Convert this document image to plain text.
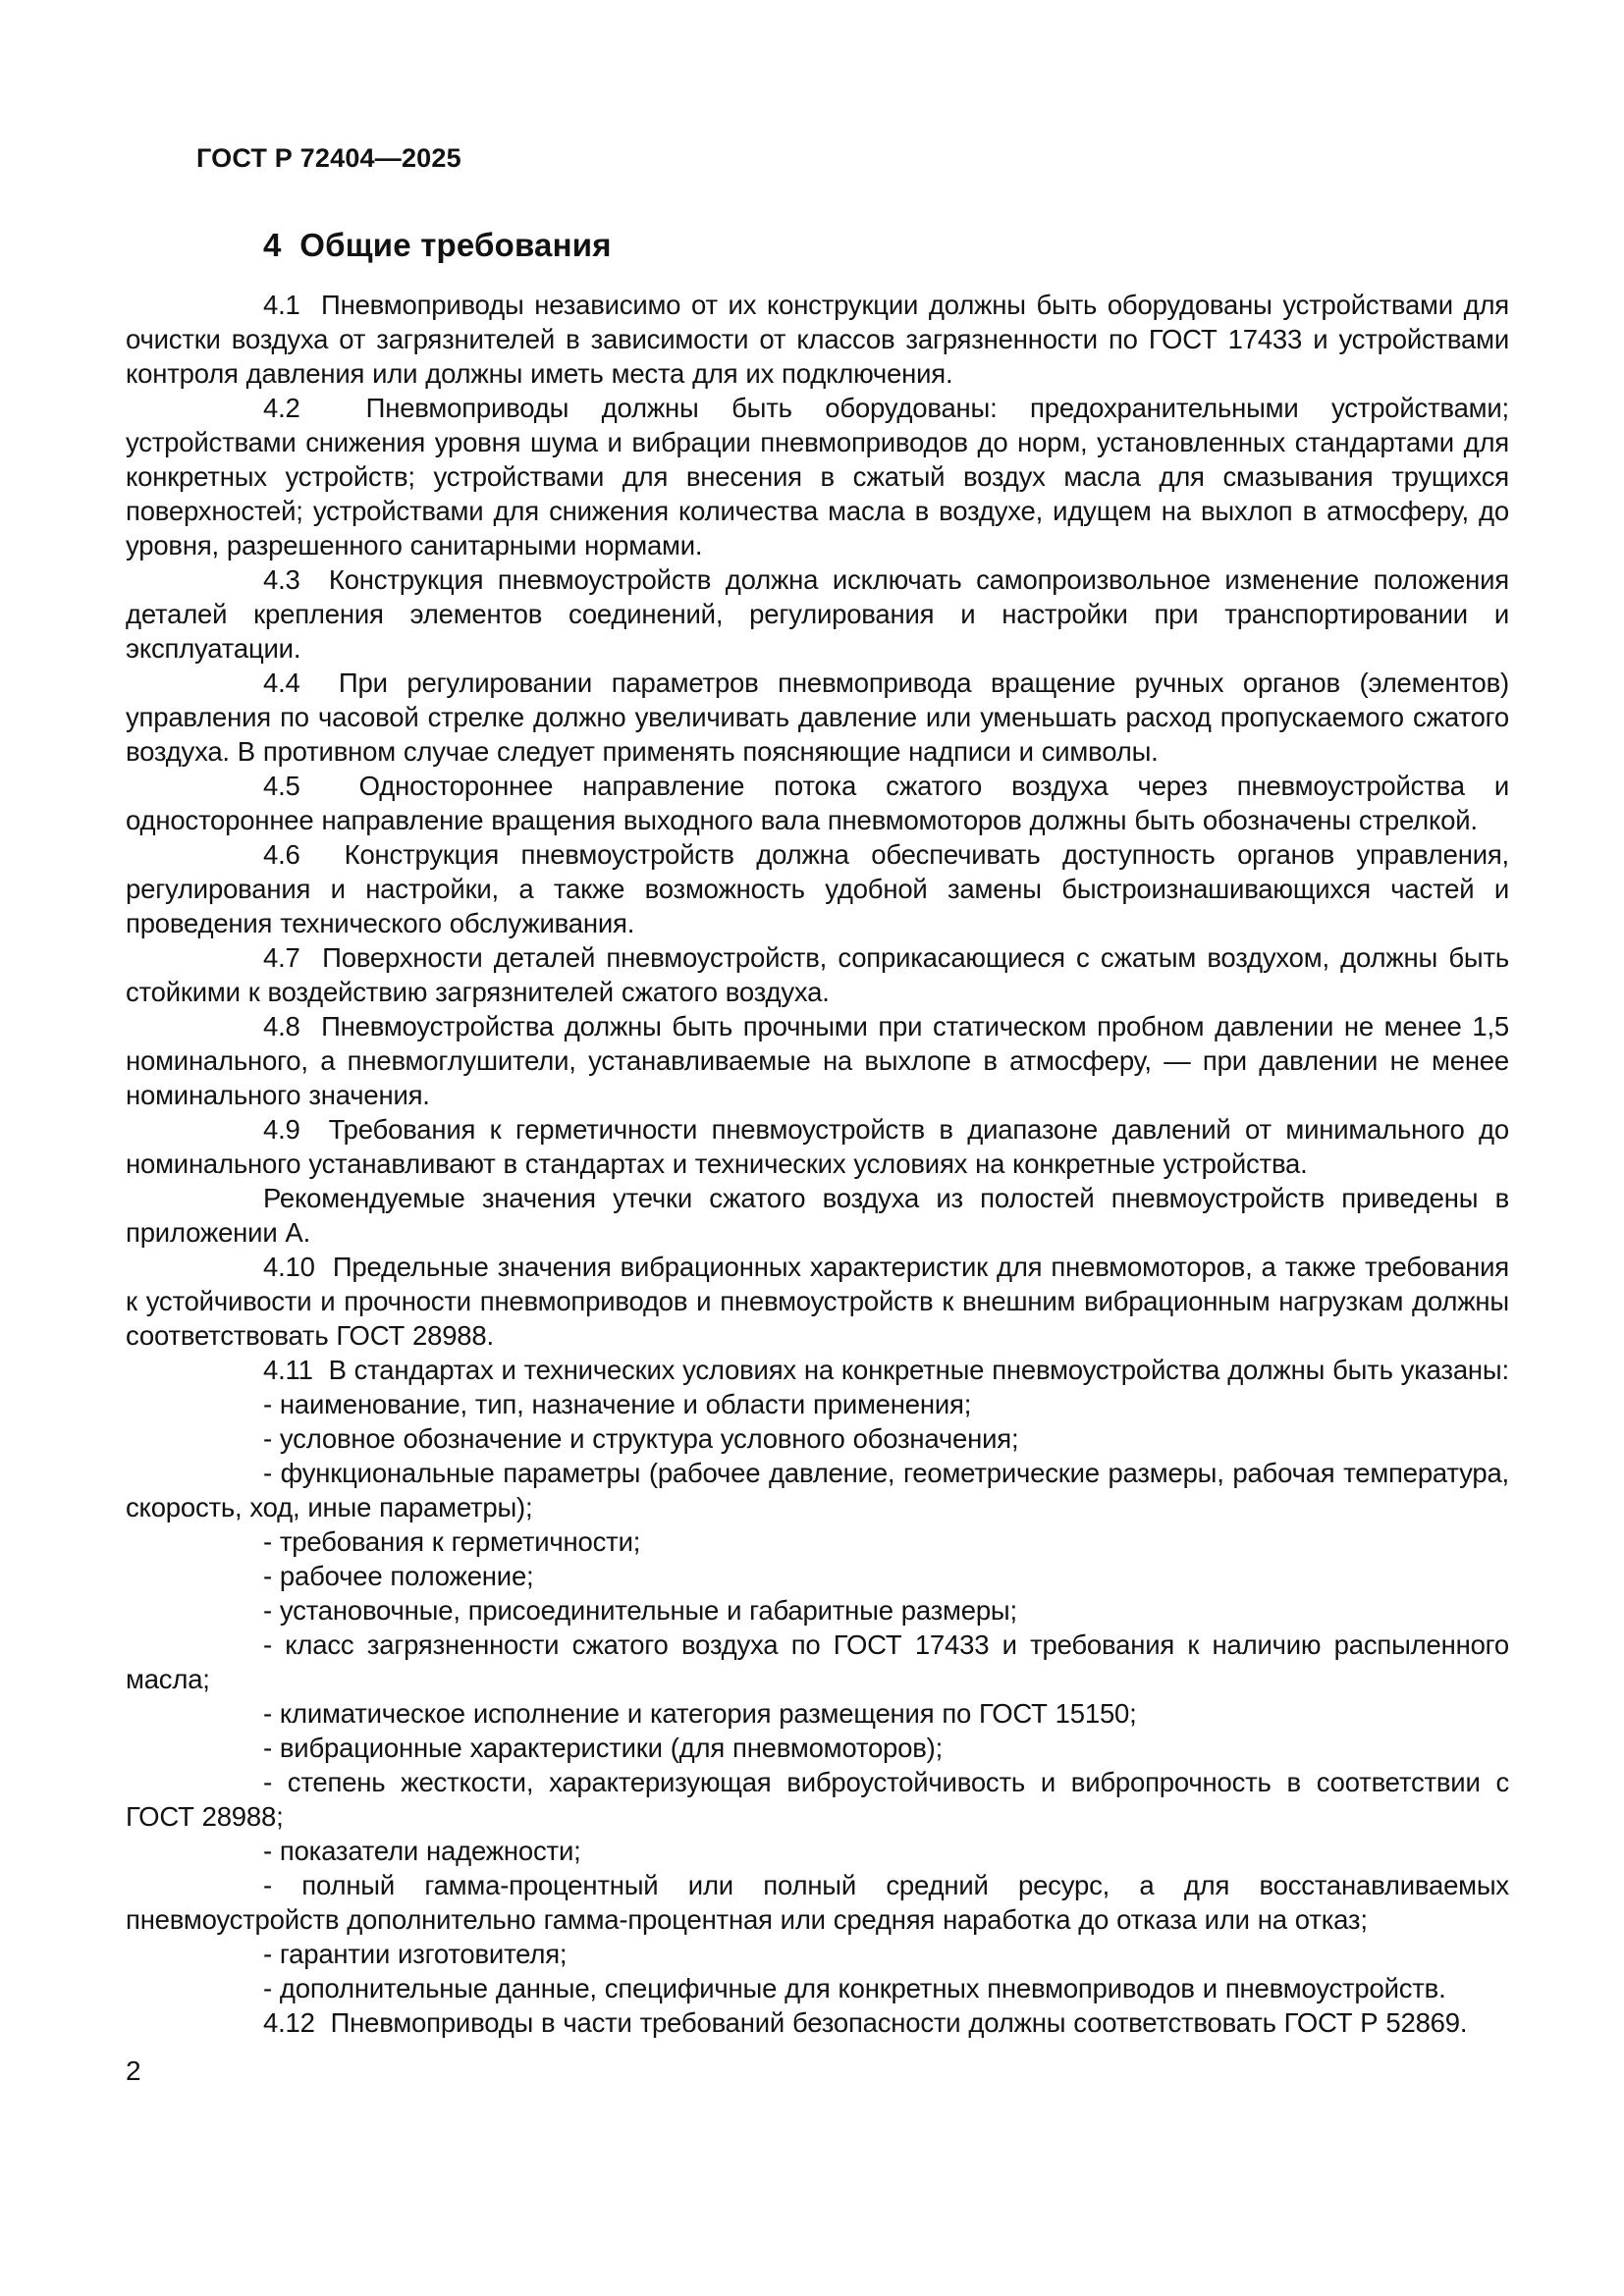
ГОСТ Р 72404—2025
4  Общие требования

4.1  Пневмоприводы независимо от их конструкции должны быть оборудованы устройствами для очистки воздуха от загрязнителей в зависимости от классов загрязненности по ГОСТ 17433 и устройствами контроля давления или должны иметь места для их подключения.

4.2  Пневмоприводы должны быть оборудованы: предохранительными устройствами; устройствами снижения уровня шума и вибрации пневмоприводов до норм, установленных стандартами для конкретных устройств; устройствами для внесения в сжатый воздух масла для смазывания трущихся поверхностей; устройствами для снижения количества масла в воздухе, идущем на выхлоп в атмосферу, до уровня, разрешенного санитарными нормами.

4.3  Конструкция пневмоустройств должна исключать самопроизвольное изменение положения деталей крепления элементов соединений, регулирования и настройки при транспортировании и эксплуатации.

4.4  При регулировании параметров пневмопривода вращение ручных органов (элементов) управления по часовой стрелке должно увеличивать давление или уменьшать расход пропускаемого сжатого воздуха. В противном случае следует применять поясняющие надписи и символы.

4.5  Одностороннее направление потока сжатого воздуха через пневмоустройства и одностороннее направление вращения выходного вала пневмомоторов должны быть обозначены стрелкой.

4.6  Конструкция пневмоустройств должна обеспечивать доступность органов управления, регулирования и настройки, а также возможность удобной замены быстроизнашивающихся частей и проведения технического обслуживания.

4.7  Поверхности деталей пневмоустройств, соприкасающиеся с сжатым воздухом, должны быть стойкими к воздействию загрязнителей сжатого воздуха.

4.8  Пневмоустройства должны быть прочными при статическом пробном давлении не менее 1,5 номинального, а пневмоглушители, устанавливаемые на выхлопе в атмосферу, — при давлении не менее номинального значения.

4.9  Требования к герметичности пневмоустройств в диапазоне давлений от минимального до номинального устанавливают в стандартах и технических условиях на конкретные устройства.

Рекомендуемые значения утечки сжатого воздуха из полостей пневмоустройств приведены в приложении А.

4.10  Предельные значения вибрационных характеристик для пневмомоторов, а также требования к устойчивости и прочности пневмоприводов и пневмоустройств к внешним вибрационным нагрузкам должны соответствовать ГОСТ 28988.

4.11  В стандартах и технических условиях на конкретные пневмоустройства должны быть указаны:

- наименование, тип, назначение и области применения;

- условное обозначение и структура условного обозначения;

- функциональные параметры (рабочее давление, геометрические размеры, рабочая температура, скорость, ход, иные параметры);

- требования к герметичности;

- рабочее положение;

- установочные, присоединительные и габаритные размеры;

- класс загрязненности сжатого воздуха по ГОСТ 17433 и требования к наличию распыленного масла;

- климатическое исполнение и категория размещения по ГОСТ 15150;

- вибрационные характеристики (для пневмомоторов);

- степень жесткости, характеризующая виброустойчивость и вибропрочность в соответствии с ГОСТ 28988;

- показатели надежности;

- полный гамма-процентный или полный средний ресурс, а для восстанавливаемых пневмоустройств дополнительно гамма-процентная или средняя наработка до отказа или на отказ;

- гарантии изготовителя;

- дополнительные данные, специфичные для конкретных пневмоприводов и пневмоустройств.

4.12  Пневмоприводы в части требований безопасности должны соответствовать ГОСТ Р 52869.

2
